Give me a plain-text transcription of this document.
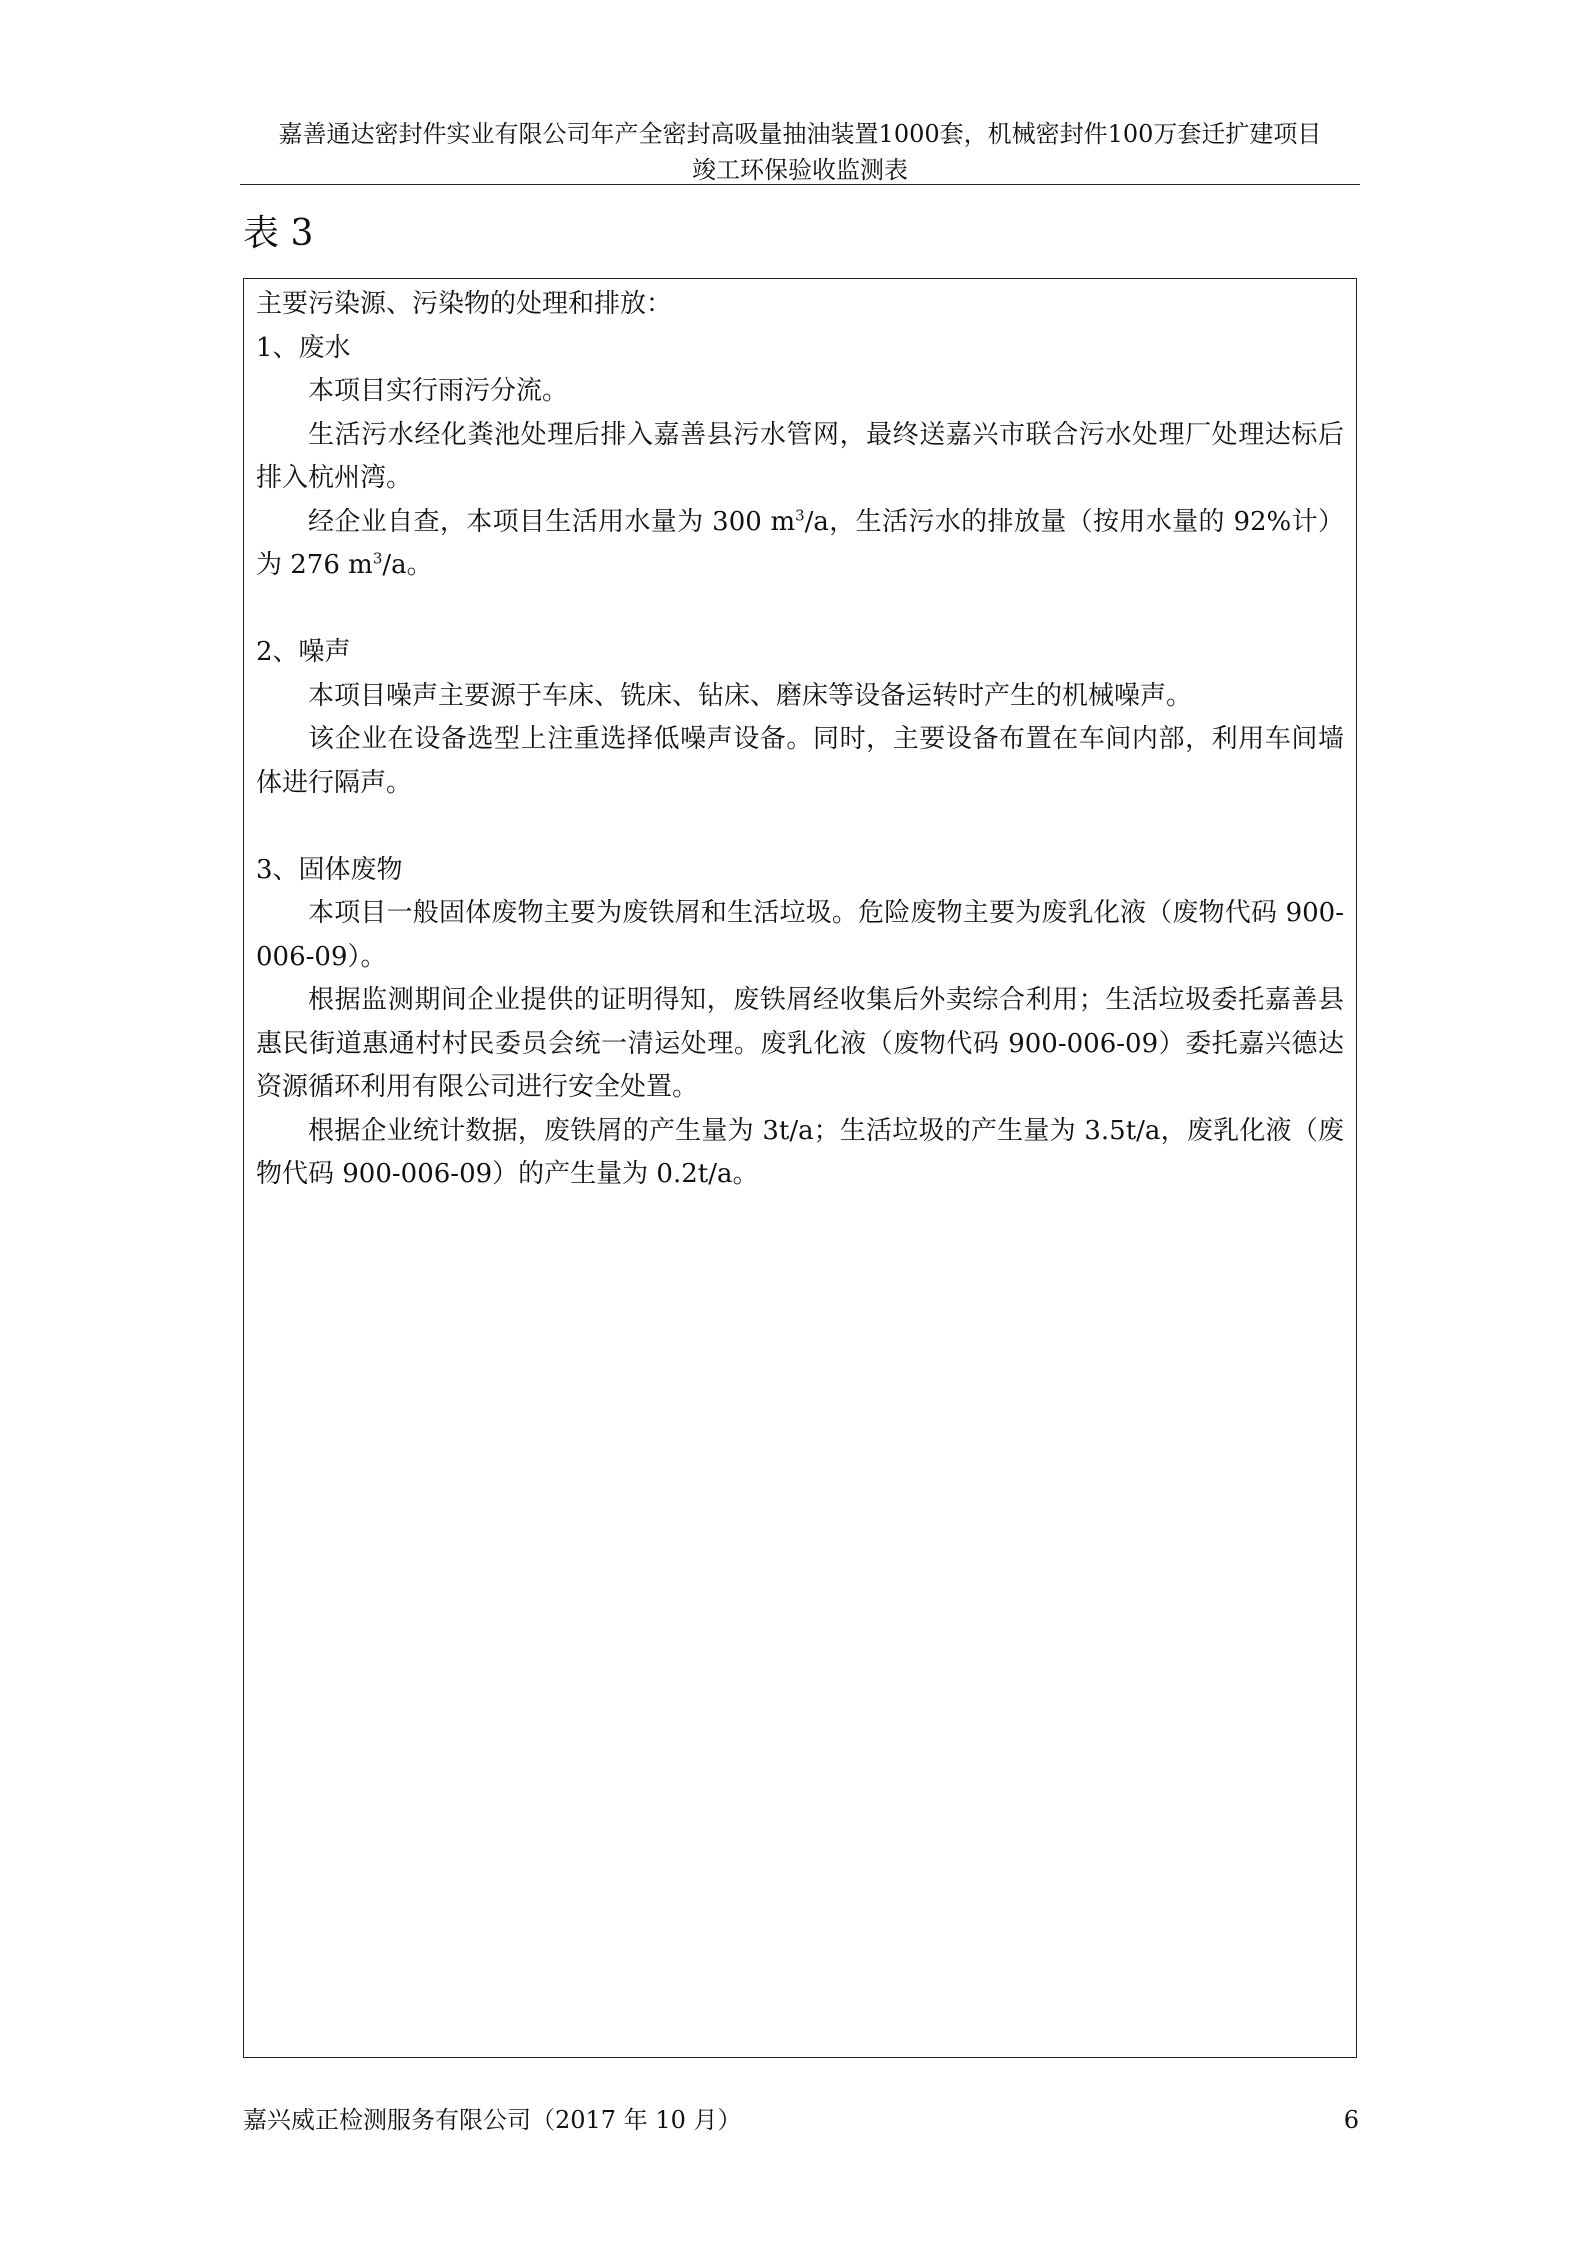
嘉善通达密封件实业有限公司年产全密封高吸量抽油装置1000套，机械密封件100万套迁扩建项目
竣工环保验收监测表
表 3

主要污染源、污染物的处理和排放：

1、废水

本项目实行雨污分流。

生活污水经化粪池处理后排入嘉善县污水管网，最终送嘉兴市联合污水处理厂处理达标后排入杭州湾。

经企业自查，本项目生活用水量为 300 $m^3/a$，生活污水的排放量（按用水量的 92%计）为 276 $m^3/a$。

2、噪声

本项目噪声主要源于车床、铣床、钻床、磨床等设备运转时产生的机械噪声。

该企业在设备选型上注重选择低噪声设备。同时，主要设备布置在车间内部，利用车间墙体进行隔声。

3、固体废物

本项目一般固体废物主要为废铁屑和生活垃圾。危险废物主要为废乳化液（废物代码 900-006-09）。

根据监测期间企业提供的证明得知，废铁屑经收集后外卖综合利用；生活垃圾委托嘉善县惠民街道惠通村村民委员会统一清运处理。废乳化液（废物代码 900-006-09）委托嘉兴德达资源循环利用有限公司进行安全处置。

根据企业统计数据，废铁屑的产生量为 3t/a；生活垃圾的产生量为 3.5t/a，废乳化液（废物代码 900-006-09）的产生量为 0.2t/a。

嘉兴威正检测服务有限公司（2017 年 10 月）	6
